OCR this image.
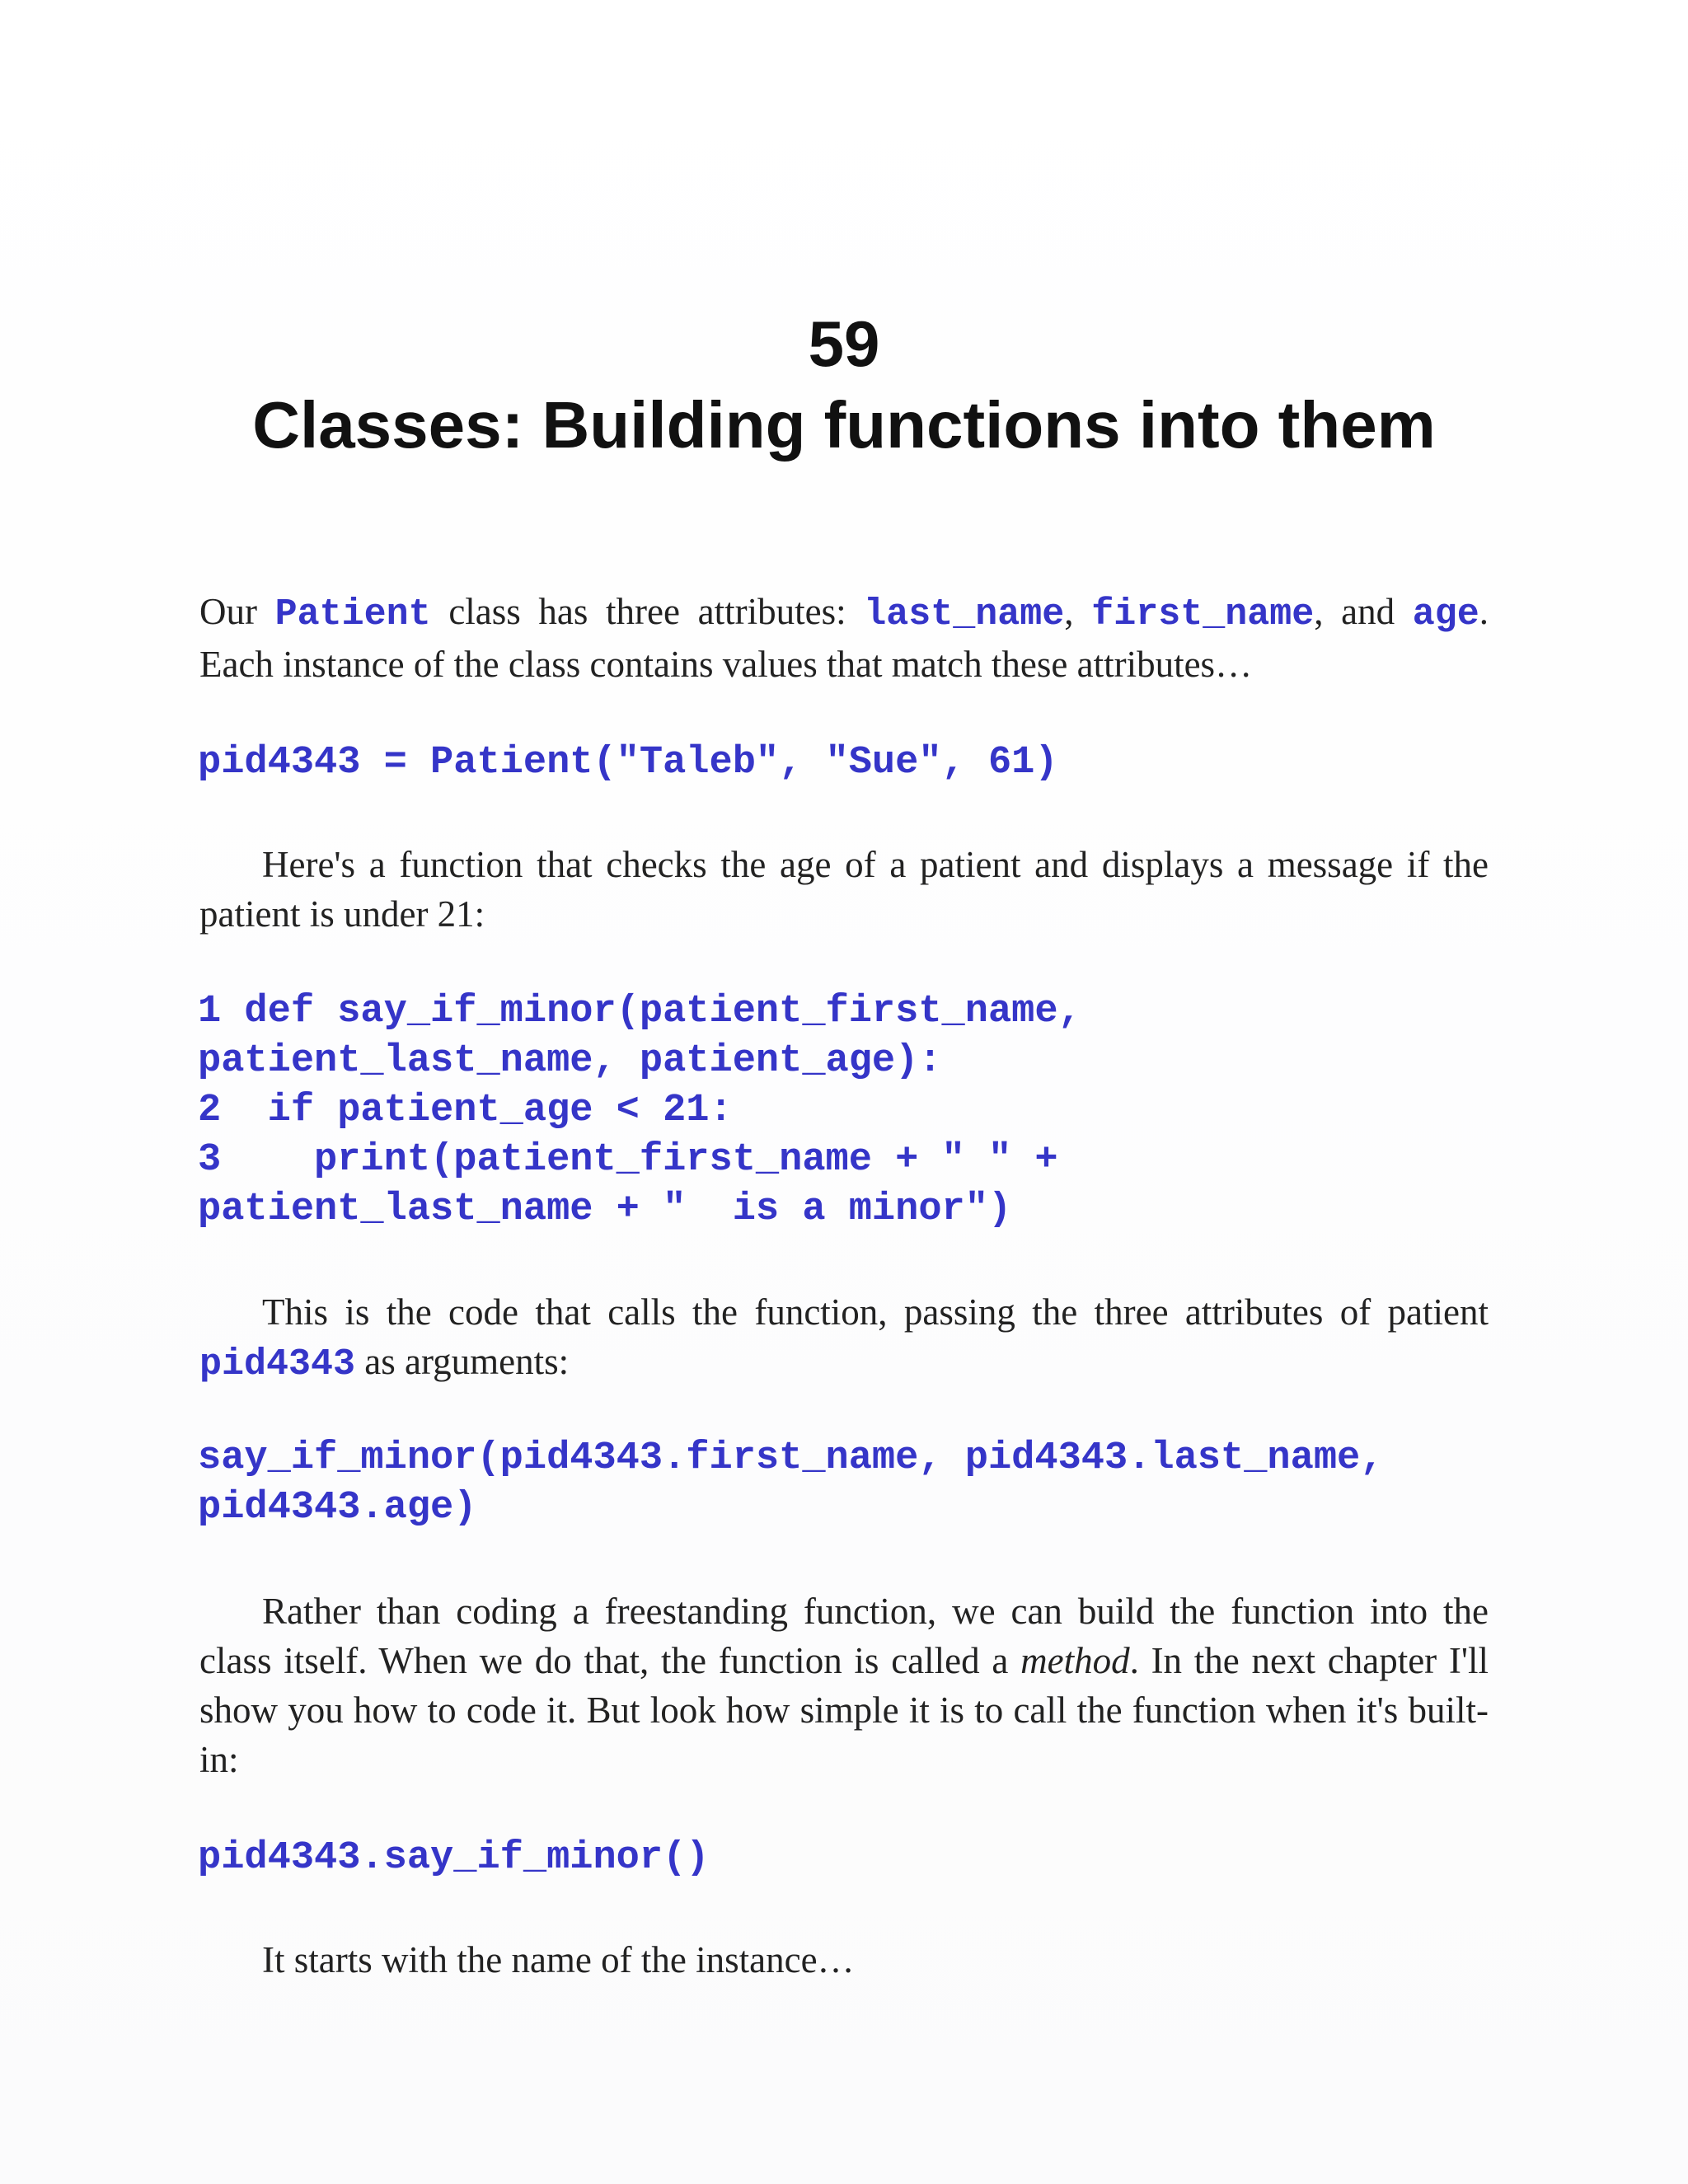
59
Classes: Building functions into them

Our Patient class has three attributes: last_name, first_name, and age. Each instance of the class contains values that match these attributes…

pid4343 = Patient("Taleb", "Sue", 61)

Here's a function that checks the age of a patient and displays a message if the patient is under 21:

1 def say_if_minor(patient_first_name,
patient_last_name, patient_age):
2  if patient_age < 21:
3    print(patient_first_name + " " +
patient_last_name + "  is a minor")

This is the code that calls the function, passing the three attributes of patient pid4343 as arguments:

say_if_minor(pid4343.first_name, pid4343.last_name,
pid4343.age)

Rather than coding a freestanding function, we can build the function into the class itself. When we do that, the function is called a method. In the next chapter I'll show you how to code it. But look how simple it is to call the function when it's built-in:

pid4343.say_if_minor()

It starts with the name of the instance…
